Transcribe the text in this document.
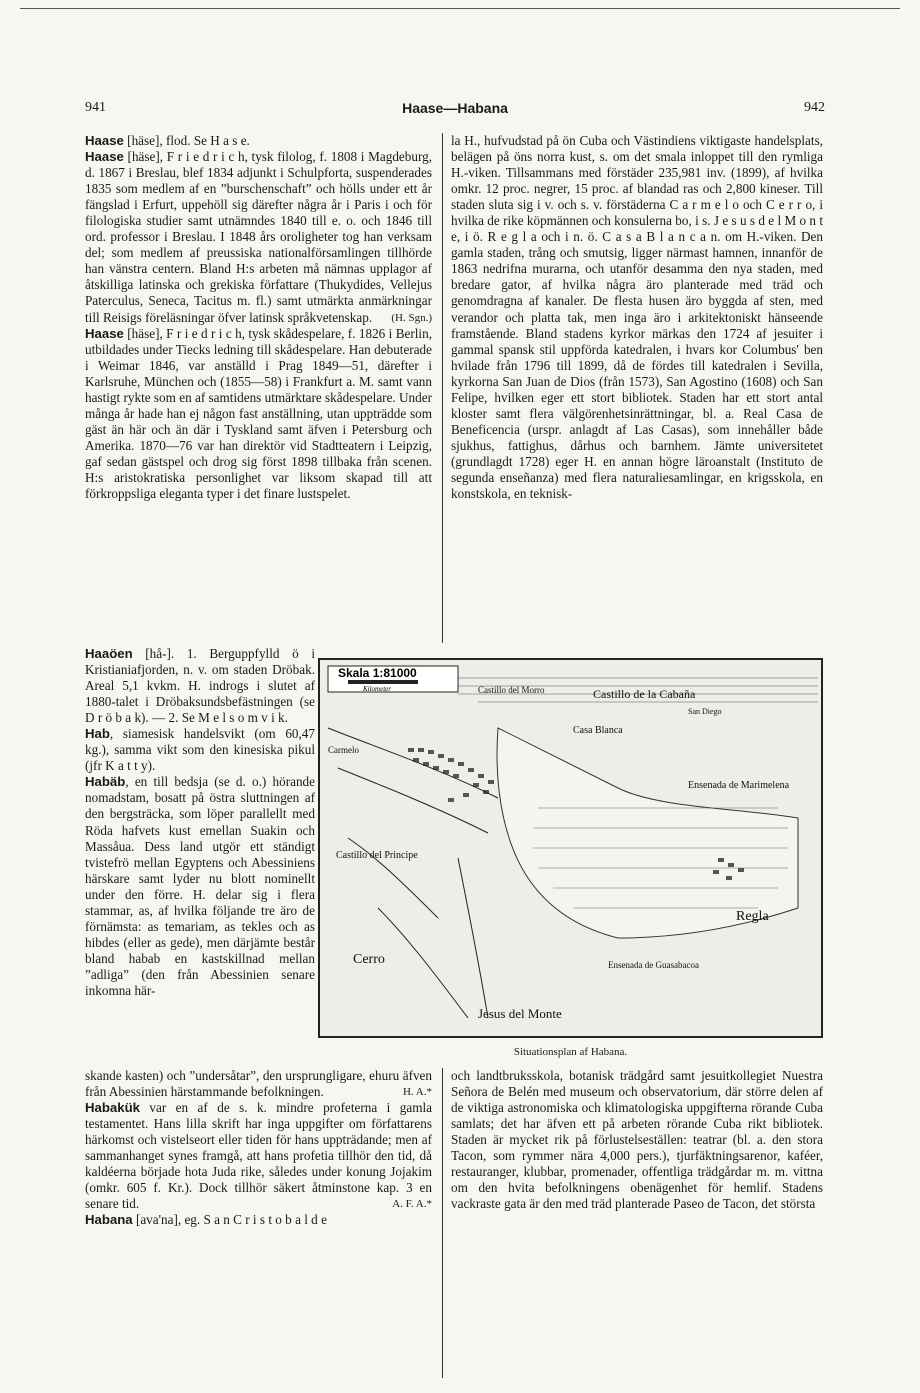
941	Haase—Habana	942

Haase [häse], flod. Se H a s e.

Haase [häse], F r i e d r i c h, tysk filolog, f. 1808 i Magdeburg, d. 1867 i Breslau, blef 1834 adjunkt i Schulpforta, suspenderades 1835 som medlem af en ”burschenschaft” och hölls under ett år fängslad i Erfurt, uppehöll sig därefter några år i Paris i och för filologiska studier samt utnämndes 1840 till e. o. och 1846 till ord. professor i Breslau. I 1848 års oroligheter tog han verksam del; som medlem af preussiska nationalförsamlingen tillhörde han vänstra centern. Bland H:s arbeten må nämnas upplagor af åtskilliga latinska och grekiska författare (Thukydides, Vellejus Paterculus, Seneca, Tacitus m. fl.) samt utmärkta anmärkningar till Reisigs föreläsningar öfver latinsk språkvetenskap. (H. Sgn.)

Haase [häse], F r i e d r i c h, tysk skådespelare, f. 1826 i Berlin, utbildades under Tiecks ledning till skådespelare. Han debuterade i Weimar 1846, var anställd i Prag 1849—51, därefter i Karlsruhe, München och (1855—58) i Frankfurt a. M. samt vann hastigt rykte som en af samtidens utmärktare skådespelare. Under många år hade han ej någon fast anställning, utan uppträdde som gäst än här och än där i Tyskland samt äfven i Petersburg och Amerika. 1870—76 var han direktör vid Stadttеatern i Leipzig, gaf sedan gästspel och drog sig först 1898 tillbaka från scenen. H:s aristokratiska personlighet var liksom skapad till att förkroppsliga eleganta typer i det finare lustspelet.

Haaöen [hå-]. 1. Berguppfylld ö i Kristianiafjorden, n. v. om staden Dröbak. Areal 5,1 kvkm. H. indrogs i slutet af 1880-talet i Dröbaksundsbefästningen (se D r ö b a k). — 2. Se M e l s o m v i k.

Hab, siamesisk handelsvikt (om 60,47 kg.), samma vikt som den kinesiska pikul (jfr K a t t y).

Habäb, en till bedsja (se d. o.) hörande nomadstam, bosatt på östra sluttningen af den bergsträcka, som löper parallellt med Röda hafvets kust emellan Suakin och Massåua. Dess land utgör ett ständigt tvistefrö mellan Egyptens och Abessiniens härskare samt lyder nu blott nominellt under den förre. H. delar sig i flera stammar, as, af hvilka följande tre äro de förnämsta: as temariam, as tekles och as hibdes (eller as gede), men därjämte består bland habab en kastskillnad mellan ”adliga” (den från Abessinien senare inkomna här-

skande kasten) och ”undersåtar”, den ursprungligare, ehuru äfven från Abessinien härstammande befolkningen.	H. A.*

Habakük var en af de s. k. mindre profeterna i gamla testamentet. Hans lilla skrift har inga uppgifter om författarens härkomst och vistelseort eller tiden för hans uppträdande; men af sammanhanget synes framgå, att hans profetia tillhör den tid, då kaldéerna började hota Juda rike, således under konung Jojakim (omkr. 605 f. Kr.). Dock tillhör säkert åtminstone kap. 3 en senare tid.	A. F. A.*

Habana [ava'na], eg. S a n C r i s t o b a l d e

la H., hufvudstad på ön Cuba och Västindiens viktigaste handelsplats, belägen på öns norra kust, s. om det smala inloppet till den rymliga H.-viken. Tillsammans med förstäder 235,981 inv. (1899), af hvilka omkr. 12 proc. negrer, 15 proc. af blandad ras och 2,800 kineser. Till staden sluta sig i v. och s. v. förstäderna C a r m e l o och C e r r o, i hvilka de rike köpmännen och konsulerna bo, i s. J e s u s d e l M o n t e, i ö. R e g l a och i n. ö. C a s a B l a n c a n. om H.-viken. Den gamla staden, trång och smutsig, ligger närmast hamnen, innanför de 1863 nedrifna murarna, och utanför desamma den nya staden, med bredare gator, af hvilka några äro planterade med träd och genomdragna af kanaler. De flesta husen äro byggda af sten, med verandor och platta tak, men inga äro i arkitektoniskt hänseende framstående. Bland stadens kyrkor märkas den 1724 af jesuiter i gammal spansk stil uppförda katedralen, i hvars kor Columbus' ben hvilade från 1796 till 1899, då de fördes till katedralen i Sevilla, kyrkorna San Juan de Dios (från 1573), San Agostino (1608) och San Felipe, hvilken eger ett stort bibliotek. Staden har ett stort antal kloster samt flera välgörenhetsinrättningar, bl. a. Real Casa de Beneficencia (urspr. anlagdt af Las Casas), som innehåller både sjukhus, fattighus, dårhus och barnhem. Jämte universitetet (grundlagdt 1728) eger H. en annan högre läroanstalt (Instituto de segunda enseñanza) med flera naturaliesamlingar, en krigsskola, en konstskola, en teknisk-

Skala 1:81000
Kilometer	Castillo del Morro	Castillo de la Cabaña
Casa Blanca
San Diego
Ensenada de Marimelena
Regla
Cerro
Jesus del Monte
Castillo del Principe
Carmelo
Ensenada de Guasabacoa
Situationsplan af Habana.

och landtbruksskola, botanisk trädgård samt jesuitkollegiet Nuestra Señora de Belén med museum och observatorium, där större delen af de viktiga astronomiska och klimatologiska uppgifterna rörande Cuba samlats; det har äfven ett på arbeten rörande Cuba rikt bibliotek. Staden är mycket rik på förlustelseställen: teatrar (bl. a. den stora Tacon, som rymmer nära 4,000 pers.), tjurfäktningsarenor, kaféer, restauranger, klubbar, promenader, offentliga trädgårdar m. m. vittna om den hvita befolkningens obenägenhet för hemlif. Stadens vackraste gata är den med träd planterade Paseo de Tacon, det största
